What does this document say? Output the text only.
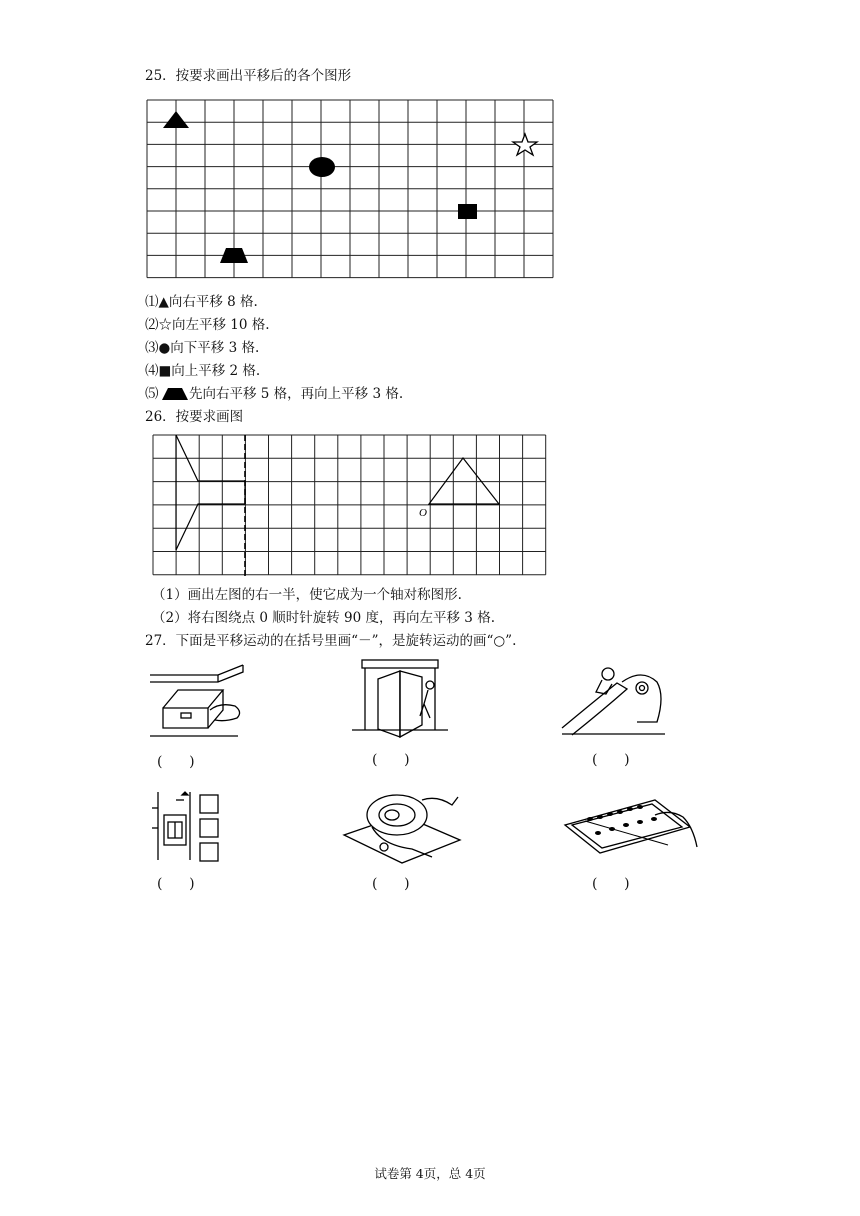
25．按要求画出平移后的各个图形
⑴▲向右平移 8 格.
⑵☆向左平移 10 格.
⑶●向下平移 3 格.
⑷■向上平移 2 格.
⑸ 先向右平移 5 格，再向上平移 3 格.
26．按要求画图
O
（1）画出左图的右一半，使它成为一个轴对称图形.
（2）将右图绕点 0 顺时针旋转 90 度，再向左平移 3 格.
27．下面是平移运动的在括号里画“－”，是旋转运动的画“○”.
(      )	(      )	(      )
(      )	(      )	(      )
试卷第 4页，总 4页
